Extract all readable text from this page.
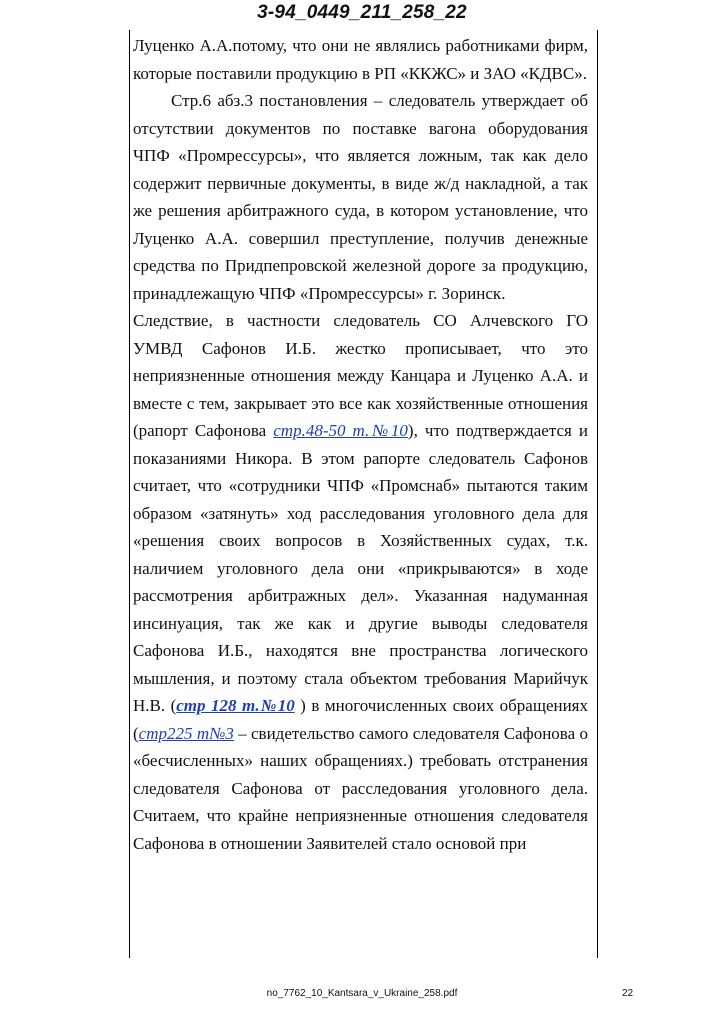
3-94_0449_211_258_22

Луценко А.А.потому, что они не являлись работниками фирм, которые поставили продукцию в РП «ККЖС» и ЗАО «КДВС».

Стр.6 абз.3 постановления – следователь утверждает об отсутствии документов по поставке вагона оборудования ЧПФ «Промрессурсы», что является ложным, так как дело содержит первичные документы, в виде ж/д накладной, а так же решения арбитражного суда, в котором установление, что Луценко А.А. совершил преступление, получив денежные средства по Придпепровской железной дороге за продукцию, принадлежащую ЧПФ «Промрессурсы» г. Зоринск.

Следствие, в частности следователь СО Алчевского ГО УМВД Сафонов И.Б. жестко прописывает, что это неприязненные отношения между Канцара и Луценко А.А. и вместе с тем, закрывает это все как хозяйственные отношения (рапорт Сафонова стр.48-50 т.№10), что подтверждается и показаниями Никора. В этом рапорте следователь Сафонов считает, что «сотрудники ЧПФ «Промснаб» пытаются таким образом «затянуть» ход расследования уголовного дела для «решения своих вопросов в Хозяйственных судах, т.к. наличием уголовного дела они «прикрываются» в ходе рассмотрения арбитражных дел». Указанная надуманная инсинуация, так же как и другие выводы следователя Сафонова И.Б., находятся вне пространства логического мышления, и поэтому стала объектом требования Марийчук Н.В. (стр 128 т.№10 ) в многочисленных своих обращениях (стр225 т№3 – свидетельство самого следователя Сафонова о «бесчисленных» наших обращениях.) требовать отстранения следователя Сафонова от расследования уголовного дела. Считаем, что крайне неприязненные отношения следователя Сафонова в отношении Заявителей стало основой при

no_7762_10_Kantsara_v_Ukraine_258.pdf	22
